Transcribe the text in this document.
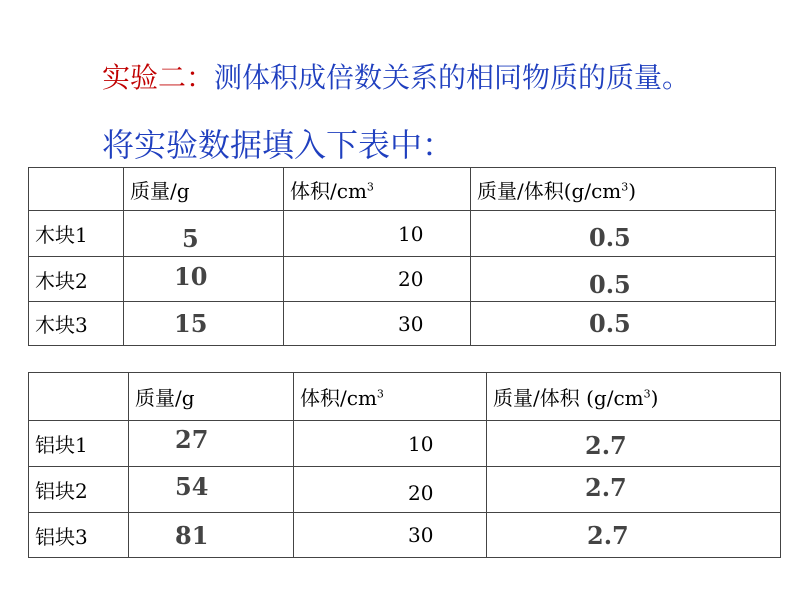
实验二：测体积成倍数关系的相同物质的质量。
将实验数据填入下表中：
	质量/g	体积$/cm^3$	质量/体积$(g/cm^3)$
木块1	5	10	0.5
木块2	10	20	0.5
木块3	15	30	0.5
	质量/g	体积$/cm^3$	质量/体积 $(g/cm^3)$
铝块1	27	10	2.7
铝块2	54	20	2.7
铝块3	81	30	2.7
